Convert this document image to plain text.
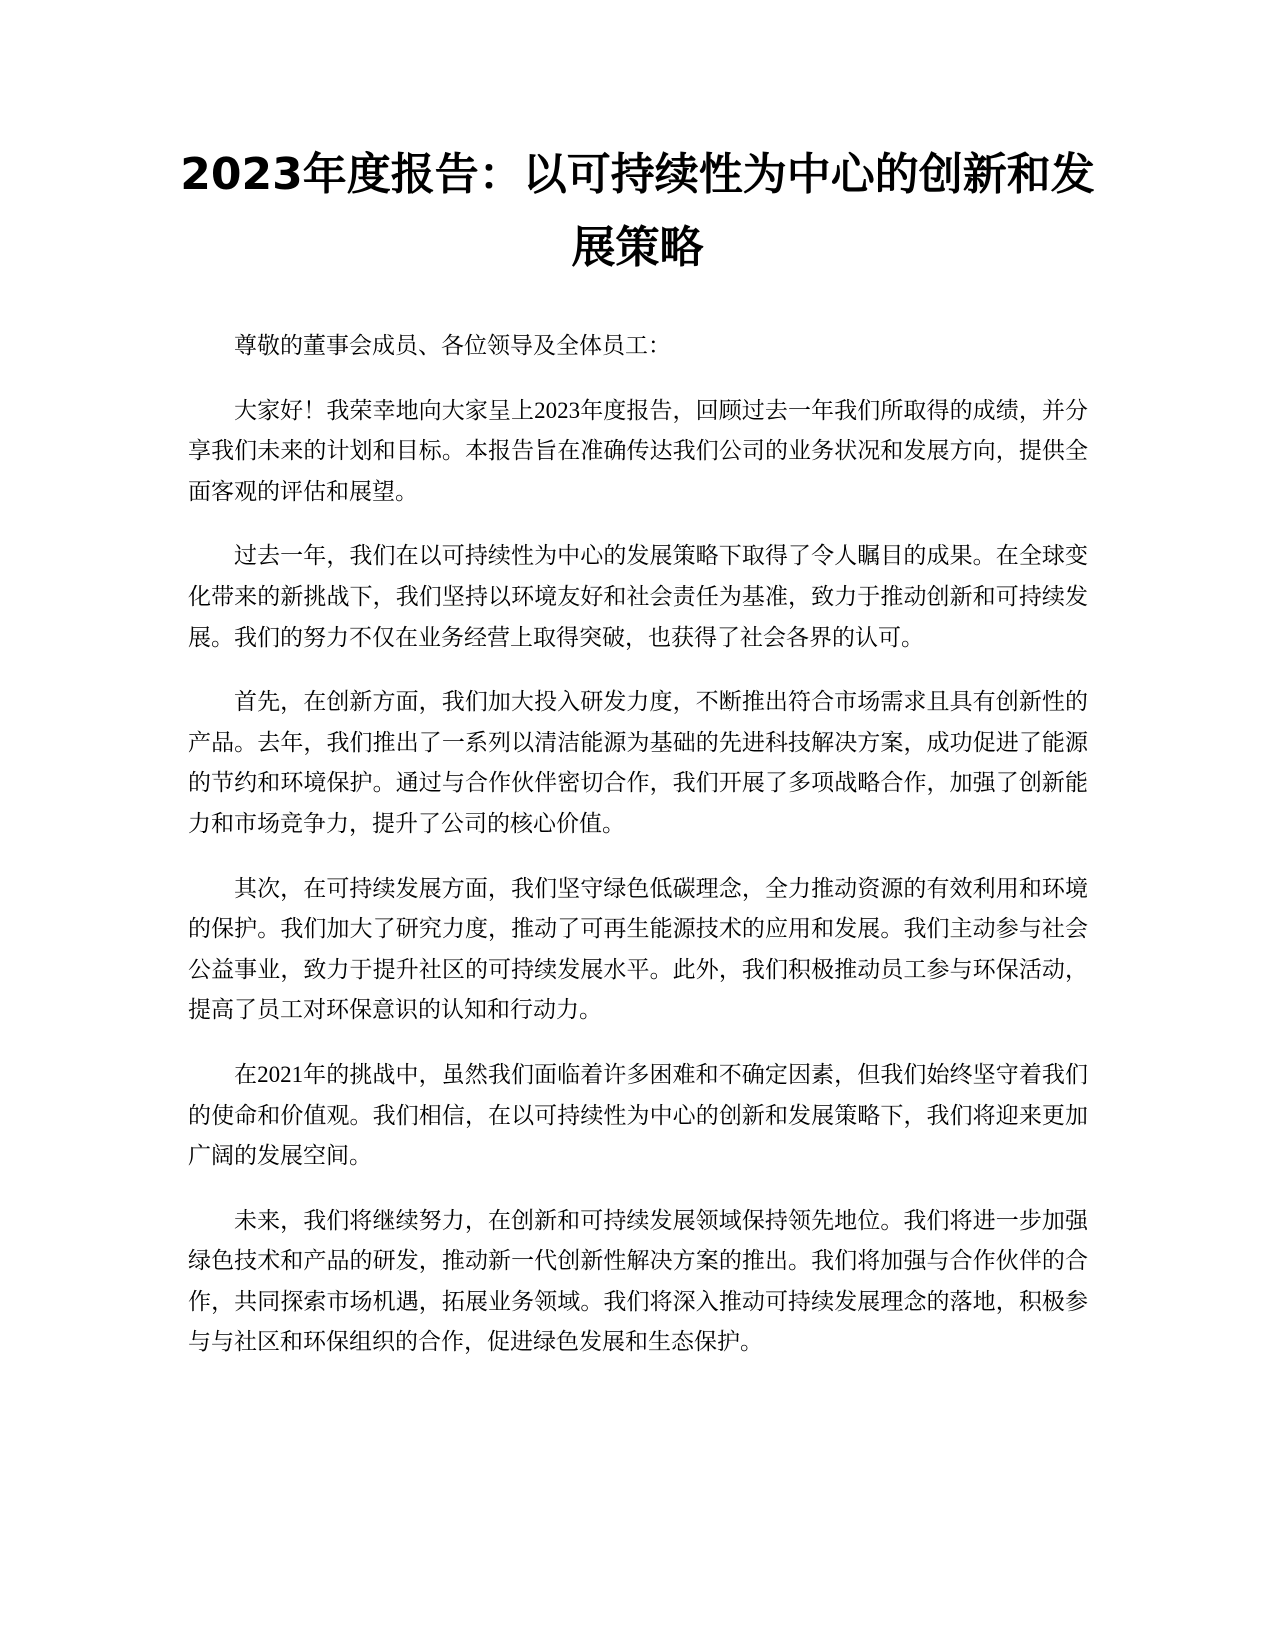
2023年度报告：以可持续性为中心的创新和发展策略

尊敬的董事会成员、各位领导及全体员工：

大家好！我荣幸地向大家呈上2023年度报告，回顾过去一年我们所取得的成绩，并分享我们未来的计划和目标。本报告旨在准确传达我们公司的业务状况和发展方向，提供全面客观的评估和展望。

过去一年，我们在以可持续性为中心的发展策略下取得了令人瞩目的成果。在全球变化带来的新挑战下，我们坚持以环境友好和社会责任为基准，致力于推动创新和可持续发展。我们的努力不仅在业务经营上取得突破，也获得了社会各界的认可。

首先，在创新方面，我们加大投入研发力度，不断推出符合市场需求且具有创新性的产品。去年，我们推出了一系列以清洁能源为基础的先进科技解决方案，成功促进了能源的节约和环境保护。通过与合作伙伴密切合作，我们开展了多项战略合作，加强了创新能力和市场竞争力，提升了公司的核心价值。

其次，在可持续发展方面，我们坚守绿色低碳理念，全力推动资源的有效利用和环境的保护。我们加大了研究力度，推动了可再生能源技术的应用和发展。我们主动参与社会公益事业，致力于提升社区的可持续发展水平。此外，我们积极推动员工参与环保活动，提高了员工对环保意识的认知和行动力。

在2021年的挑战中，虽然我们面临着许多困难和不确定因素，但我们始终坚守着我们的使命和价值观。我们相信，在以可持续性为中心的创新和发展策略下，我们将迎来更加广阔的发展空间。

未来，我们将继续努力，在创新和可持续发展领域保持领先地位。我们将进一步加强绿色技术和产品的研发，推动新一代创新性解决方案的推出。我们将加强与合作伙伴的合作，共同探索市场机遇，拓展业务领域。我们将深入推动可持续发展理念的落地，积极参与与社区和环保组织的合作，促进绿色发展和生态保护。
